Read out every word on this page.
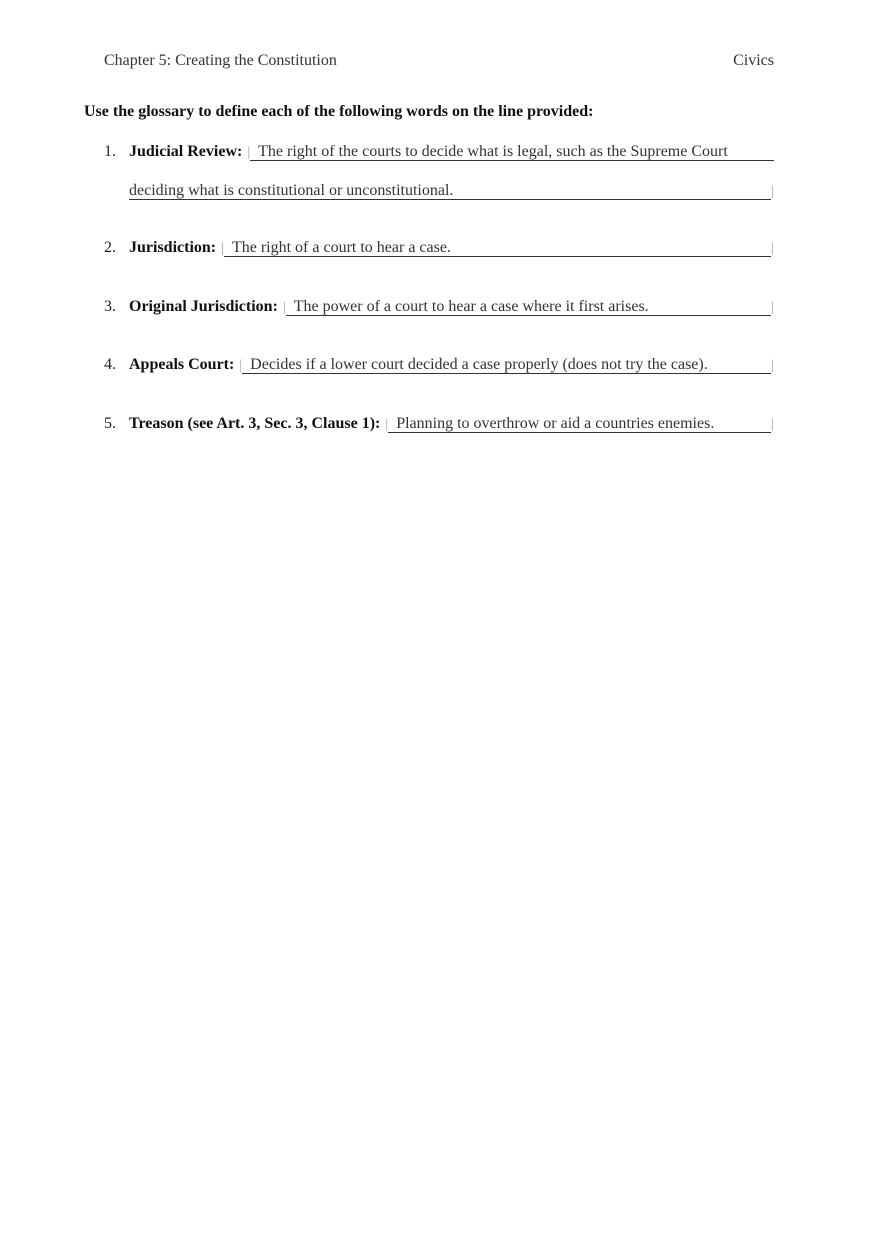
Chapter 5: Creating the Constitution	Civics
Use the glossary to define each of the following words on the line provided:
1. Judicial Review: | The right of the courts to decide what is legal, such as the Supreme Court
deciding what is constitutional or unconstitutional.	|
2. Jurisdiction: | The right of a court to hear a case.	|
3. Original Jurisdiction: | The power of a court to hear a case where it first arises.	|
4. Appeals Court: | Decides if a lower court decided a case properly (does not try the case).	|
5. Treason (see Art. 3, Sec. 3, Clause 1): | Planning to overthrow or aid a countries enemies.	|
